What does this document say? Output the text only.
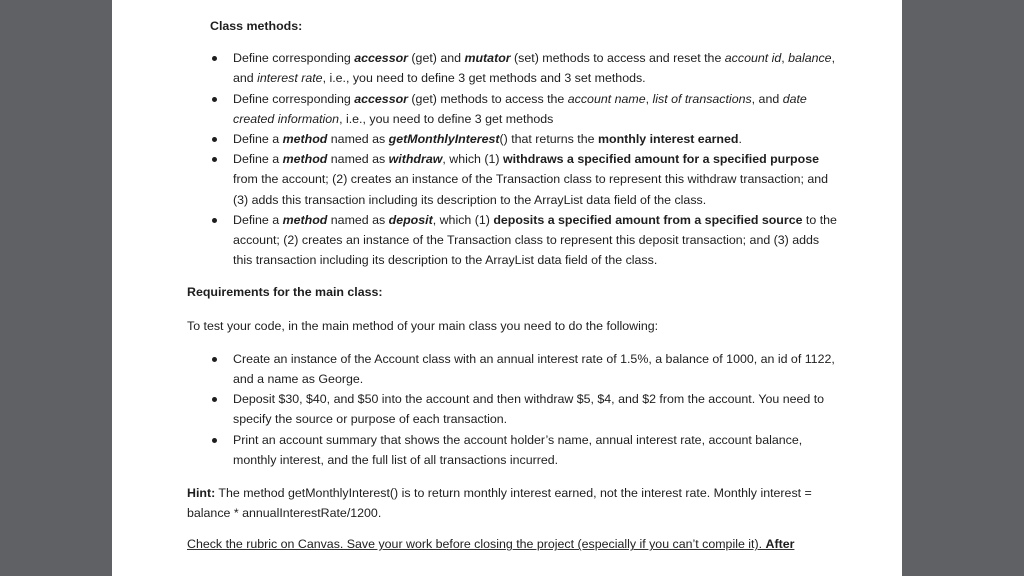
Class methods:
Define corresponding accessor (get) and mutator (set) methods to access and reset the account id, balance, and interest rate, i.e., you need to define 3 get methods and 3 set methods.
Define corresponding accessor (get) methods to access the account name, list of transactions, and date created information, i.e., you need to define 3 get methods
Define a method named as getMonthlyInterest() that returns the monthly interest earned.
Define a method named as withdraw, which (1) withdraws a specified amount for a specified purpose from the account; (2) creates an instance of the Transaction class to represent this withdraw transaction; and (3) adds this transaction including its description to the ArrayList data field of the class.
Define a method named as deposit, which (1) deposits a specified amount from a specified source to the account; (2) creates an instance of the Transaction class to represent this deposit transaction; and (3) adds this transaction including its description to the ArrayList data field of the class.
Requirements for the main class:

To test your code, in the main method of your main class you need to do the following:

Create an instance of the Account class with an annual interest rate of 1.5%, a balance of 1000, an id of 1122, and a name as George.
Deposit $30, $40, and $50 into the account and then withdraw $5, $4, and $2 from the account. You need to specify the source or purpose of each transaction.
Print an account summary that shows the account holder’s name, annual interest rate, account balance, monthly interest, and the full list of all transactions incurred.

Hint: The method getMonthlyInterest() is to return monthly interest earned, not the interest rate. Monthly interest = balance * annualInterestRate/1200.

Check the rubric on Canvas. Save your work before closing the project (especially if you can’t compile it). After
